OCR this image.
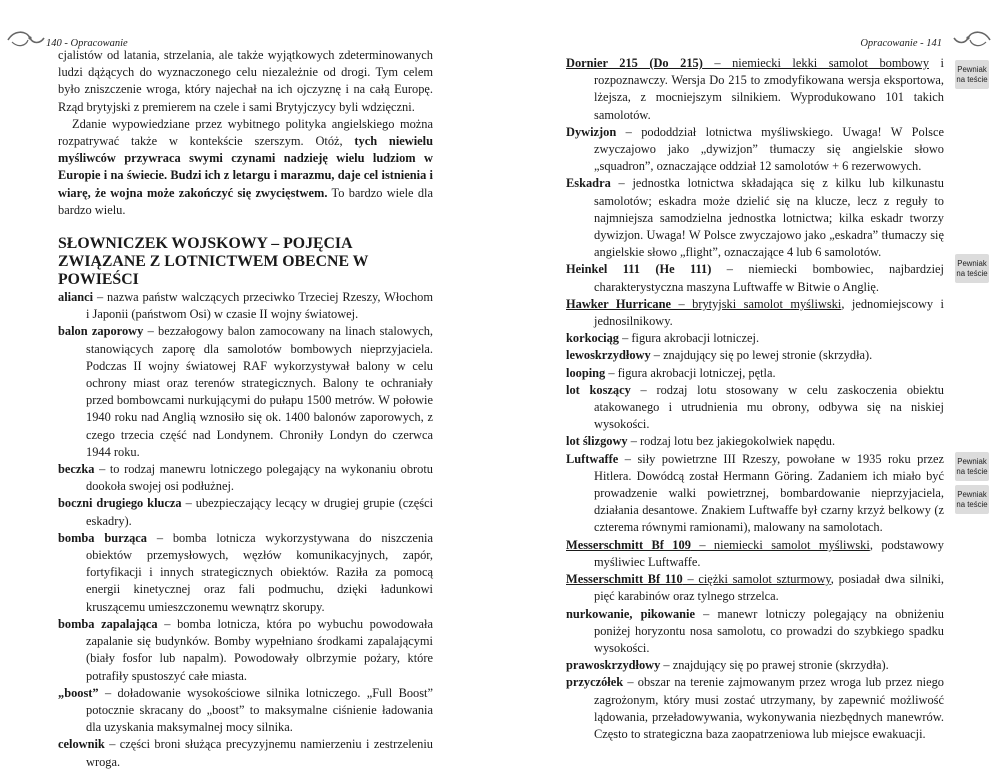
140 - Opracowanie

cjalistów od latania, strzelania, ale także wyjątkowych zdeterminowanych ludzi dążących do wyznaczonego celu niezależnie od drogi. Tym celem było zniszczenie wroga, który najechał na ich ojczyznę i na całą Europę. Rząd brytyjski z premierem na czele i sami Brytyjczycy byli wdzięczni.

Zdanie wypowiedziane przez wybitnego polityka angielskiego można rozpatrywać także w kontekście szerszym. Otóż, tych niewielu myśliwców przywraca swymi czynami nadzieję wielu ludziom w Europie i na świecie. Budzi ich z letargu i marazmu, daje cel istnienia i wiarę, że wojna może zakończyć się zwycięstwem. To bardzo wiele dla bardzo wielu.

SŁOWNICZEK WOJSKOWY – POJĘCIA ZWIĄZANE Z LOTNICTWEM OBECNE W POWIEŚCI

alianci – nazwa państw walczących przeciwko Trzeciej Rzeszy, Włochom i Japonii (państwom Osi) w czasie II wojny światowej.

balon zaporowy – bezzałogowy balon zamocowany na linach stalowych, stanowiących zaporę dla samolotów bombowych nieprzyjaciela. Podczas II wojny światowej RAF wykorzystywał balony w celu ochrony miast oraz terenów strategicznych. Balony te ochraniały przed bombowcami nurkującymi do pułapu 1500 metrów. W połowie 1940 roku nad Anglią wznosiło się ok. 1400 balonów zaporowych, z czego trzecia część nad Londynem. Chroniły Londyn do czerwca 1944 roku.

beczka – to rodzaj manewru lotniczego polegający na wykonaniu obrotu dookoła swojej osi podłużnej.

boczni drugiego klucza – ubezpieczający lecący w drugiej grupie (części eskadry).

bomba burząca – bomba lotnicza wykorzystywana do niszczenia obiektów przemysłowych, węzłów komunikacyjnych, zapór, fortyfikacji i innych strategicznych obiektów. Raziła za pomocą energii kinetycznej oraz fali podmuchu, dzięki ładunkowi kruszącemu umieszczonemu wewnątrz skorupy.

bomba zapalająca – bomba lotnicza, która po wybuchu powodowała zapalanie się budynków. Bomby wypełniano środkami zapalającymi (biały fosfor lub napalm). Powodowały olbrzymie pożary, które potrafiły spustoszyć całe miasta.

„boost” – doładowanie wysokościowe silnika lotniczego. „Full Boost” potocznie skracany do „boost” to maksymalne ciśnienie ładowania dla uzyskania maksymalnej mocy silnika.

celownik – części broni służąca precyzyjnemu namierzeniu i zestrzeleniu wroga.

Opracowanie - 141

Dornier 215 (Do 215) – niemiecki lekki samolot bombowy i rozpoznawczy. Wersja Do 215 to zmodyfikowana wersja eksportowa, lżejsza, z mocniejszym silnikiem. Wyprodukowano 101 takich samolotów.

Dywizjon – pododdział lotnictwa myśliwskiego. Uwaga! W Polsce zwyczajowo jako „dywizjon” tłumaczy się angielskie słowo „squadron”, oznaczające oddział 12 samolotów + 6 rezerwowych.

Eskadra – jednostka lotnictwa składająca się z kilku lub kilkunastu samolotów; eskadra może dzielić się na klucze, lecz z reguły to najmniejsza samodzielna jednostka lotnictwa; kilka eskadr tworzy dywizjon. Uwaga! W Polsce zwyczajowo jako „eskadra” tłumaczy się angielskie słowo „flight”, oznaczające 4 lub 6 samolotów.

Heinkel 111 (He 111) – niemiecki bombowiec, najbardziej charakterystyczna maszyna Luftwaffe w Bitwie o Anglię.

Hawker Hurricane – brytyjski samolot myśliwski, jednomiejscowy i jednosilnikowy.

korkociąg – figura akrobacji lotniczej.

lewoskrzydłowy – znajdujący się po lewej stronie (skrzydła).

looping – figura akrobacji lotniczej, pętla.

lot koszący – rodzaj lotu stosowany w celu zaskoczenia obiektu atakowanego i utrudnienia mu obrony, odbywa się na niskiej wysokości.

lot ślizgowy – rodzaj lotu bez jakiegokolwiek napędu.

Luftwaffe – siły powietrzne III Rzeszy, powołane w 1935 roku przez Hitlera. Dowódcą został Hermann Göring. Zadaniem ich miało być prowadzenie walki powietrznej, bombardowanie nieprzyjaciela, działania desantowe. Znakiem Luftwaffe był czarny krzyż belkowy (z czterema równymi ramionami), malowany na samolotach.

Messerschmitt Bf 109 – niemiecki samolot myśliwski, podstawowy myśliwiec Luftwaffe.

Messerschmitt Bf 110 – ciężki samolot szturmowy, posiadał dwa silniki, pięć karabinów oraz tylnego strzelca.

nurkowanie, pikowanie – manewr lotniczy polegający na obniżeniu poniżej horyzontu nosa samolotu, co prowadzi do szybkiego spadku wysokości.

prawoskrzydłowy – znajdujący się po prawej stronie (skrzydła).

przyczółek – obszar na terenie zajmowanym przez wroga lub przez niego zagrożonym, który musi zostać utrzymany, by zapewnić możliwość lądowania, przeładowywania, wykonywania niezbędnych manewrów. Często to strategiczna baza zaopatrzeniowa lub miejsce ewakuacji.

Pewniak
na teście
Pewniak
na teście
Pewniak
na teście
Pewniak
na teście
